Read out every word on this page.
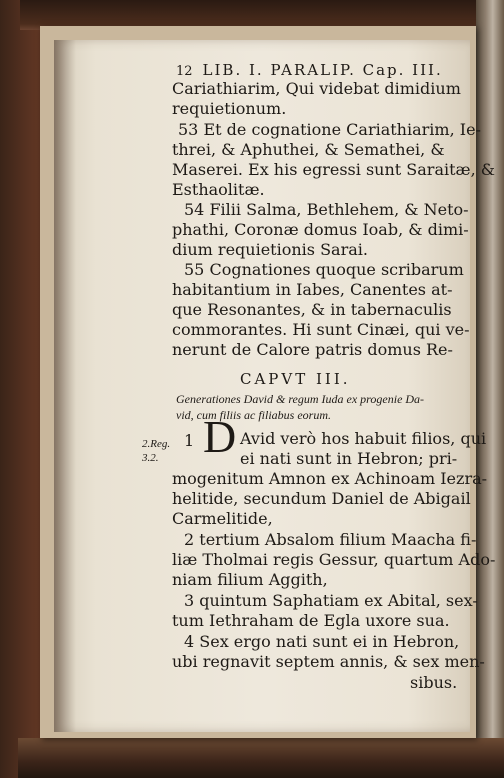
12 LIB. I. PARALIP. Cap. III.
Cariathiarim, Qui videbat dimidium
requietionum.
53 Et de cognatione Cariathiarim, Ie-
threi, & Aphuthei, & Semathei, &
Maserei. Ex his egressi sunt Saraitæ, &
Esthaolitæ.
54 Filii Salma, Bethlehem, & Neto-
phathi, Coronæ domus Ioab, & dimi-
dium requietionis Sarai.
55 Cognationes quoque scribarum
habitantium in Iabes, Canentes at-
que Resonantes, & in tabernaculis
commorantes. Hi sunt Cinæi, qui ve-
nerunt de Calore patris domus Re-
CAPVT III.
Generationes David & regum Iuda ex progenie Da-
vid, cum filiis ac filiabus eorum.
2.Reg.
3.2.
1 D Avid verò hos habuit filios, qui
ei nati sunt in Hebron; pri-
mogenitum Amnon ex Achinoam Iezra-
helitide, secundum Daniel de Abigail
Carmelitide,
2 tertium Absalom filium Maacha fi-
liæ Tholmai regis Gessur, quartum Ado-
niam filium Aggith,
3 quintum Saphatiam ex Abital, sex-
tum Iethraham de Egla uxore sua.
4 Sex ergo nati sunt ei in Hebron,
ubi regnavit septem annis, & sex men-
sibus.
